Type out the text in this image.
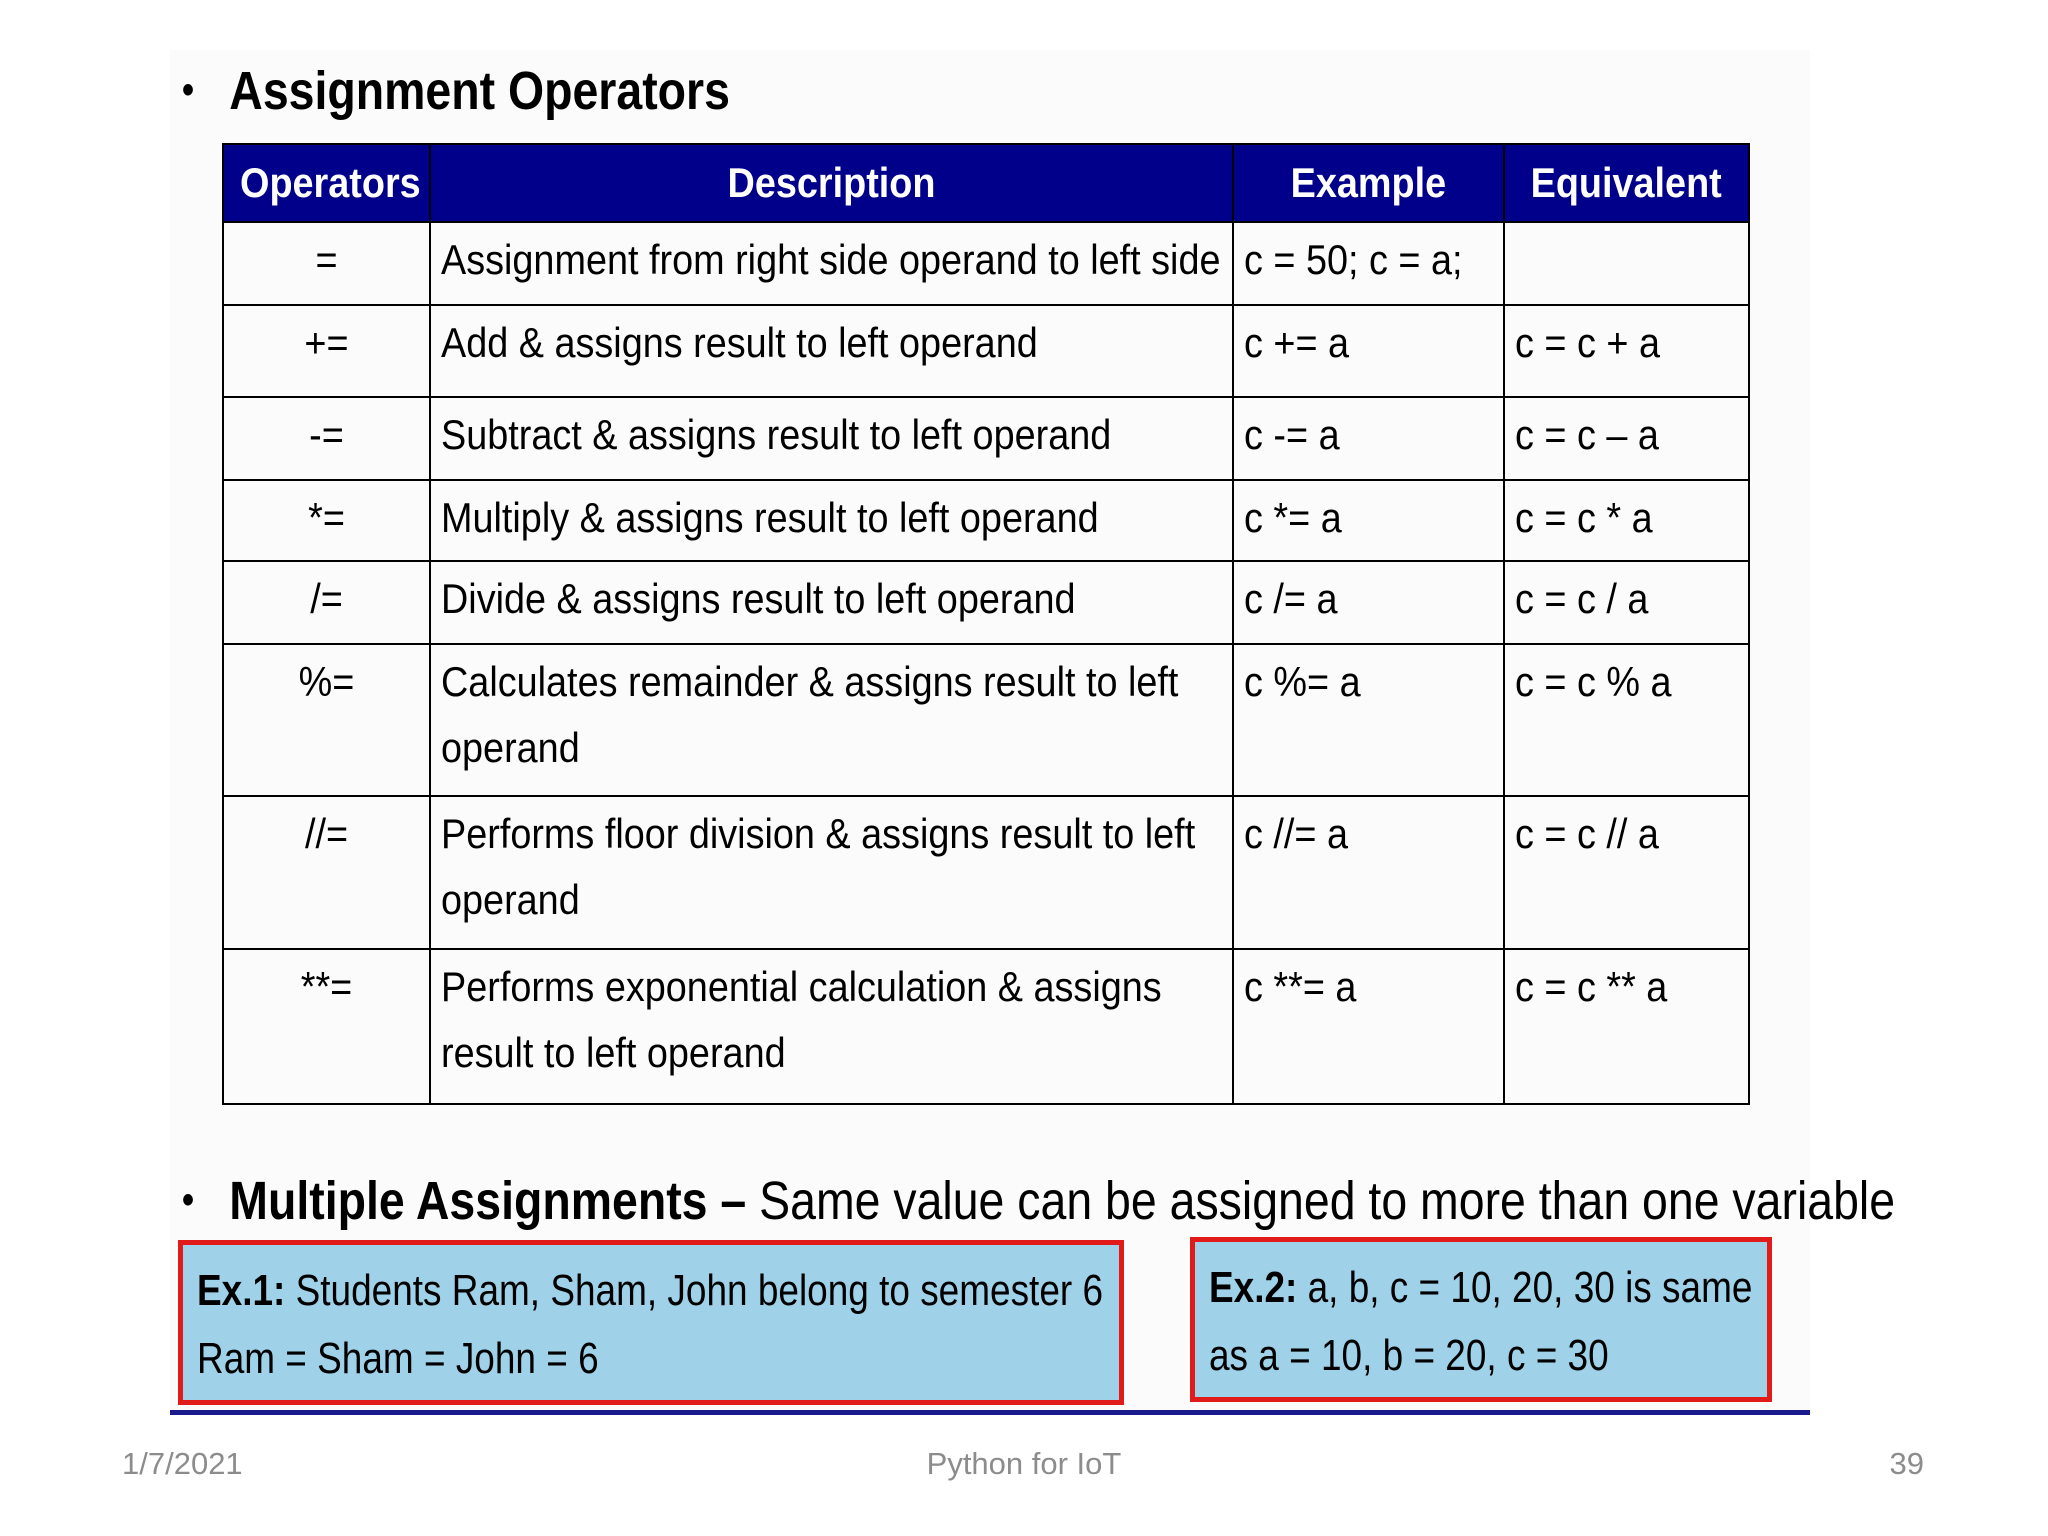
• Assignment Operators
Operators	Description	Example	Equivalent

=	Assignment from right side operand to left side	c = 50; c = a;	

+=	Add & assigns result to left operand	c += a	c = c + a

-=	Subtract & assigns result to left operand	c -= a	c = c – a

*=	Multiply & assigns result to left operand	c *= a	c = c * a

/=	Divide & assigns result to left operand	c /= a	c = c / a

%=	Calculates remainder & assigns result to left operand	c %= a	c = c % a

//=	Performs floor division & assigns result to left operand	c //= a	c = c // a

**=	Performs exponential calculation & assigns result to left operand	c **= a	c = c ** a
• Multiple Assignments – Same value can be assigned to more than one variable
Ex.1: Students Ram, Sham, John belong to semester 6
Ram = Sham = John = 6
Ex.2: a, b, c = 10, 20, 30 is same
as a = 10, b = 20, c = 30
1/7/2021	Python for IoT	39
